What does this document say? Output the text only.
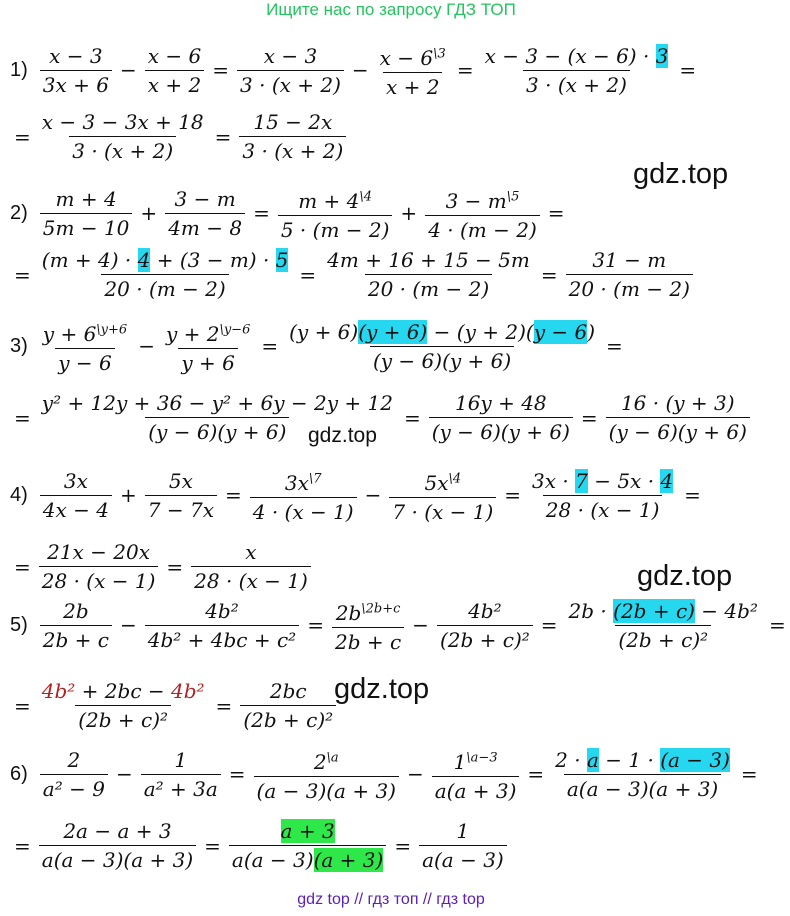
Ищите нас по запросу ГДЗ ТОП
gdz.top
gdz.top
gdz.top
gdz.top
$1) \frac{x - 3}{3x + 6} - \frac{x - 6}{x + 2} = \frac{x - 3}{3 \cdot (x + 2)} - \frac{x - 6^{\backslash 3}}{x + 2} = \frac{x - 3 - (x - 6) \cdot 3}{3 \cdot (x + 2)}$ =
= $\frac{x - 3 - 3x + 18}{3 \cdot (x + 2)} = \frac{15 - 2x}{3 \cdot (x + 2)}$
$2) \frac{m + 4}{5m - 10} + \frac{3 - m}{4m - 8} = \frac{m + 4^{\backslash 4}}{5 \cdot (m - 2)} + \frac{3 - m^{\backslash 5}}{4 \cdot (m - 2)}$ =
= $\frac{(m + 4) \cdot 4 + (3 - m) \cdot 5}{20 \cdot (m - 2)} = \frac{4m + 16 + 15 - 5m}{20 \cdot (m - 2)} = \frac{31 - m}{20 \cdot (m - 2)}$
$3) \frac{y + 6^{\backslash y+6}}{y - 6} - \frac{y + 2^{\backslash y-6}}{y + 6} = \frac{(y + 6)(y + 6) - (y + 2)(y - 6)}{(y - 6)(y + 6)}$ =
= $\frac{\text{y² + 12y + 36 − y² + 6y − 2y + 12}}{(y - 6)(y + 6)} = \frac{16y + 48}{(y - 6)(y + 6)} = \frac{16 \cdot (y + 3)}{(y - 6)(y + 6)}$
$4) \frac{3x}{4x - 4} + \frac{5x}{7 - 7x} = \frac{3x^{\backslash 7}}{4 \cdot (x - 1)} - \frac{5x^{\backslash 4}}{7 \cdot (x - 1)} = \frac{3x \cdot 7 - 5x \cdot 4}{28 \cdot (x - 1)}$ =
= $\frac{21x - 20x}{28 \cdot (x - 1)} = \frac{x}{28 \cdot (x - 1)}$
$5) \frac{2b}{2b + c} - \frac{\text{4b²}}{\text{4b² + 4bc + c²}} = \frac{2b^{\backslash 2b+c}}{2b + c} - \frac{\text{4b²}}{\text{(2b + c)²}} = \frac{\text{2b · (2b + c) − 4b²}}{\text{(2b + c)²}}$ =
= $\frac{\text{4b² + 2bc − 4b²}}{\text{(2b + c)²}} = \frac{2bc}{\text{(2b + c)²}}$
$6) \frac{2}{\text{a² − 9}} - \frac{1}{\text{a² + 3a}} = \frac{2^{\backslash a}}{(a - 3)(a + 3)} - \frac{1^{\backslash a-3}}{a(a + 3)} = \frac{2 \cdot a - 1 \cdot (a - 3)}{a(a - 3)(a + 3)}$ =
= $\frac{2a - a + 3}{a(a - 3)(a + 3)} = \frac{a + 3}{a(a - 3)(a + 3)} = \frac{1}{a(a - 3)}$
gdz top // гдз топ // гдз top
